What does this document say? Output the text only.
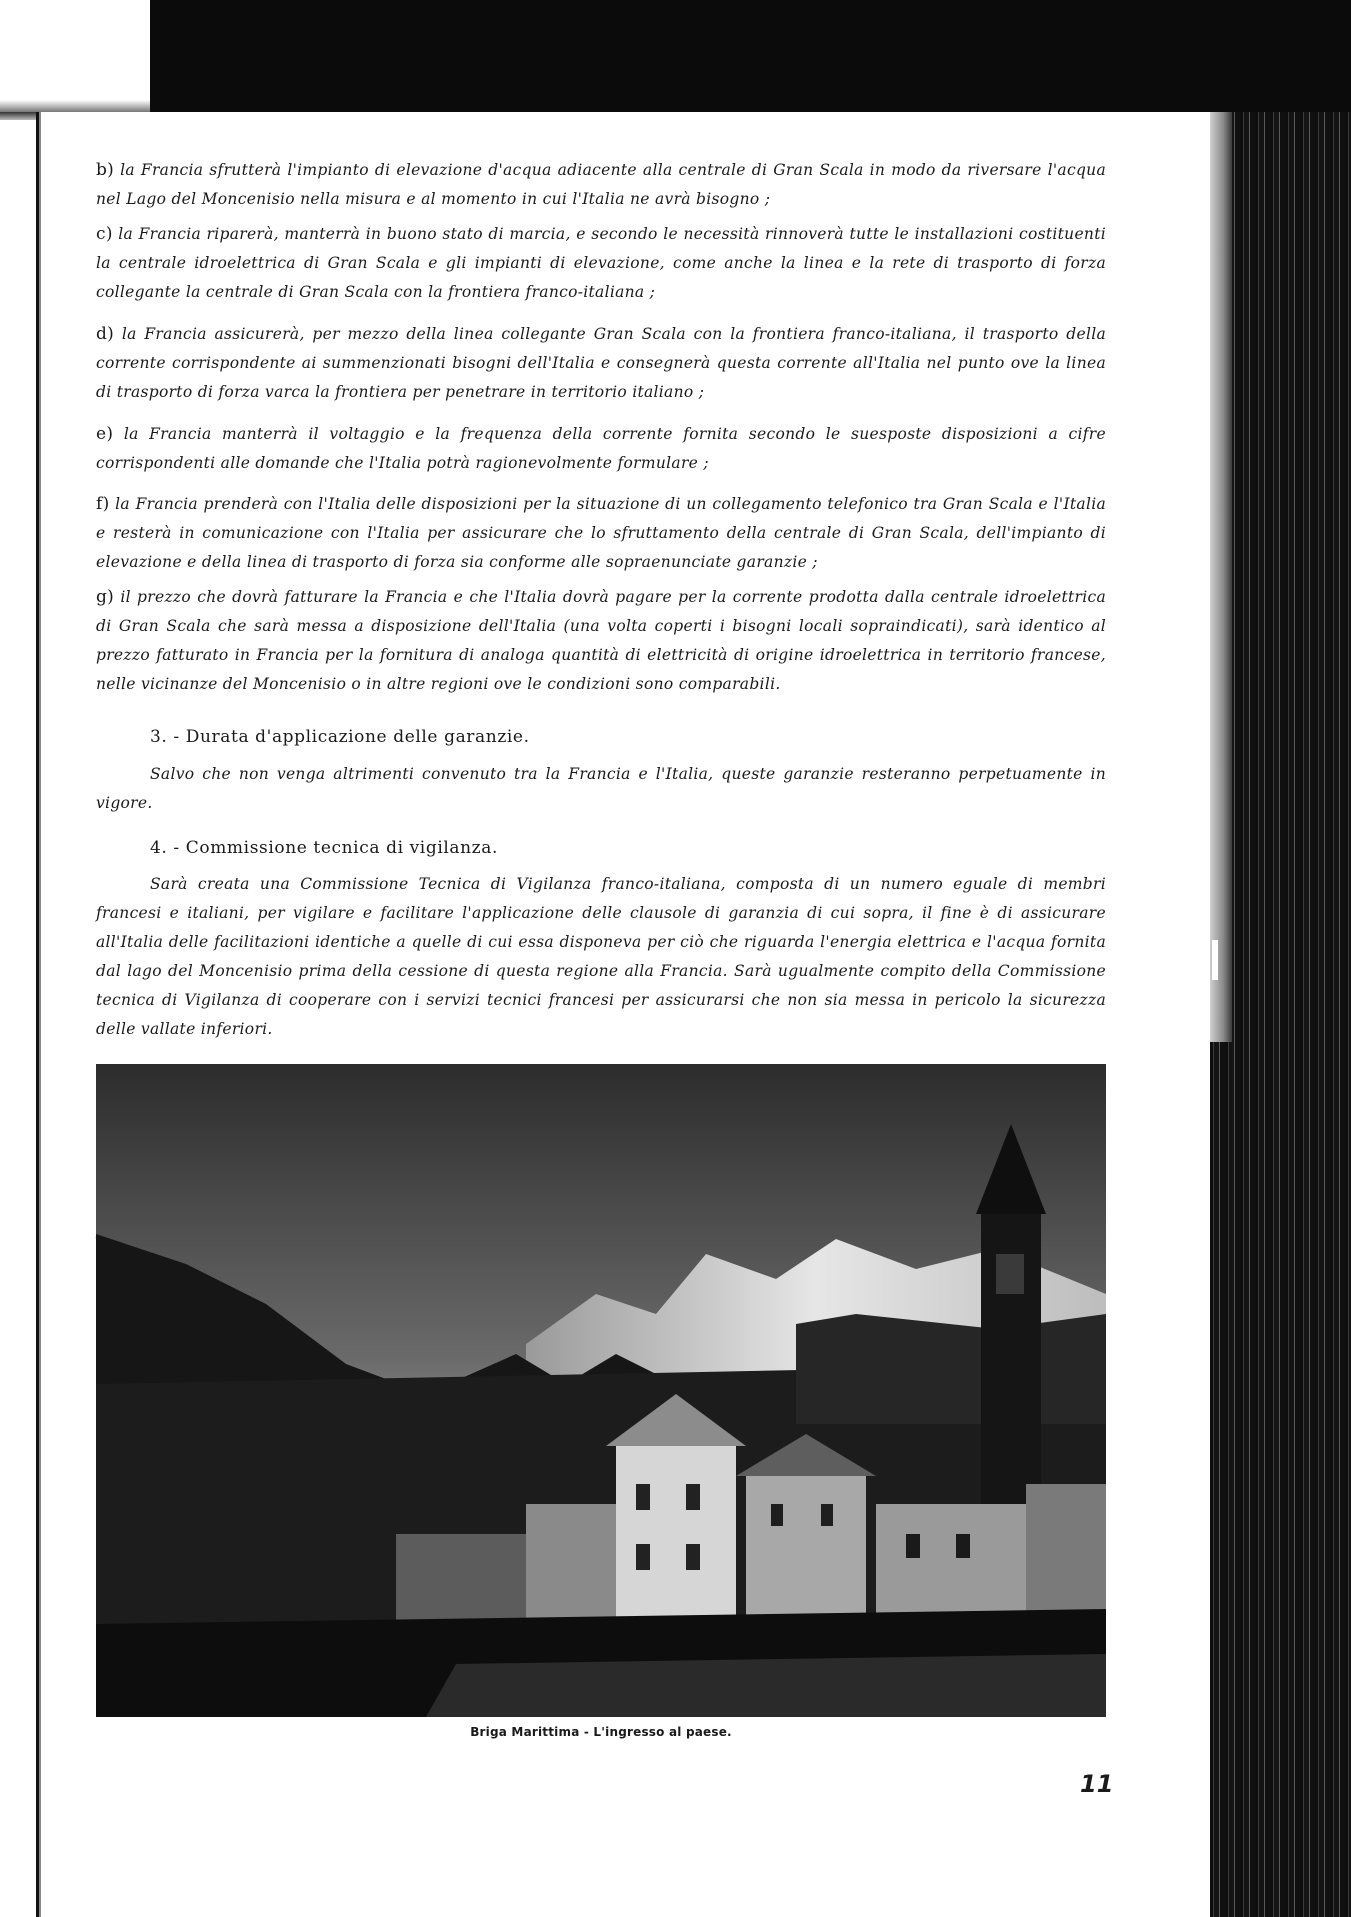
b) la Francia sfrutterà l'impianto di elevazione d'acqua adiacente alla centrale di Gran Scala in modo da riversare l'acqua nel Lago del Moncenisio nella misura e al momento in cui l'Italia ne avrà bisogno ;
c) la Francia riparerà, manterrà in buono stato di marcia, e secondo le necessità rinnoverà tutte le installazioni costituenti la centrale idroelettrica di Gran Scala e gli impianti di elevazione, come anche la linea e la rete di trasporto di forza collegante la centrale di Gran Scala con la frontiera franco-italiana ;
d) la Francia assicurerà, per mezzo della linea collegante Gran Scala con la frontiera franco-italiana, il trasporto della corrente corrispondente ai summenzionati bisogni dell'Italia e consegnerà questa corrente all'Italia nel punto ove la linea di trasporto di forza varca la frontiera per penetrare in territorio italiano ;
e) la Francia manterrà il voltaggio e la frequenza della corrente fornita secondo le suesposte disposizioni a cifre corrispondenti alle domande che l'Italia potrà ragionevolmente formulare ;
f) la Francia prenderà con l'Italia delle disposizioni per la situazione di un collegamento telefonico tra Gran Scala e l'Italia e resterà in comunicazione con l'Italia per assicurare che lo sfruttamento della centrale di Gran Scala, dell'impianto di elevazione e della linea di trasporto di forza sia conforme alle sopraenunciate garanzie ;
g) il prezzo che dovrà fatturare la Francia e che l'Italia dovrà pagare per la corrente prodotta dalla centrale idroelettrica di Gran Scala che sarà messa a disposizione dell'Italia (una volta coperti i bisogni locali sopraindicati), sarà identico al prezzo fatturato in Francia per la fornitura di analoga quantità di elettricità di origine idroelettrica in territorio francese, nelle vicinanze del Moncenisio o in altre regioni ove le condizioni sono comparabili.
3. - Durata d'applicazione delle garanzie.
Salvo che non venga altrimenti convenuto tra la Francia e l'Italia, queste garanzie resteranno perpetuamente in vigore.
4. - Commissione tecnica di vigilanza.
Sarà creata una Commissione Tecnica di Vigilanza franco-italiana, composta di un numero eguale di membri francesi e italiani, per vigilare e facilitare l'applicazione delle clausole di garanzia di cui sopra, il fine è di assicurare all'Italia delle facilitazioni identiche a quelle di cui essa disponeva per ciò che riguarda l'energia elettrica e l'acqua fornita dal lago del Moncenisio prima della cessione di questa regione alla Francia. Sarà ugualmente compito della Commissione tecnica di Vigilanza di cooperare con i servizi tecnici francesi per assicurarsi che non sia messa in pericolo la sicurezza delle vallate inferiori.
Briga Marittima - L'ingresso al paese.
11
